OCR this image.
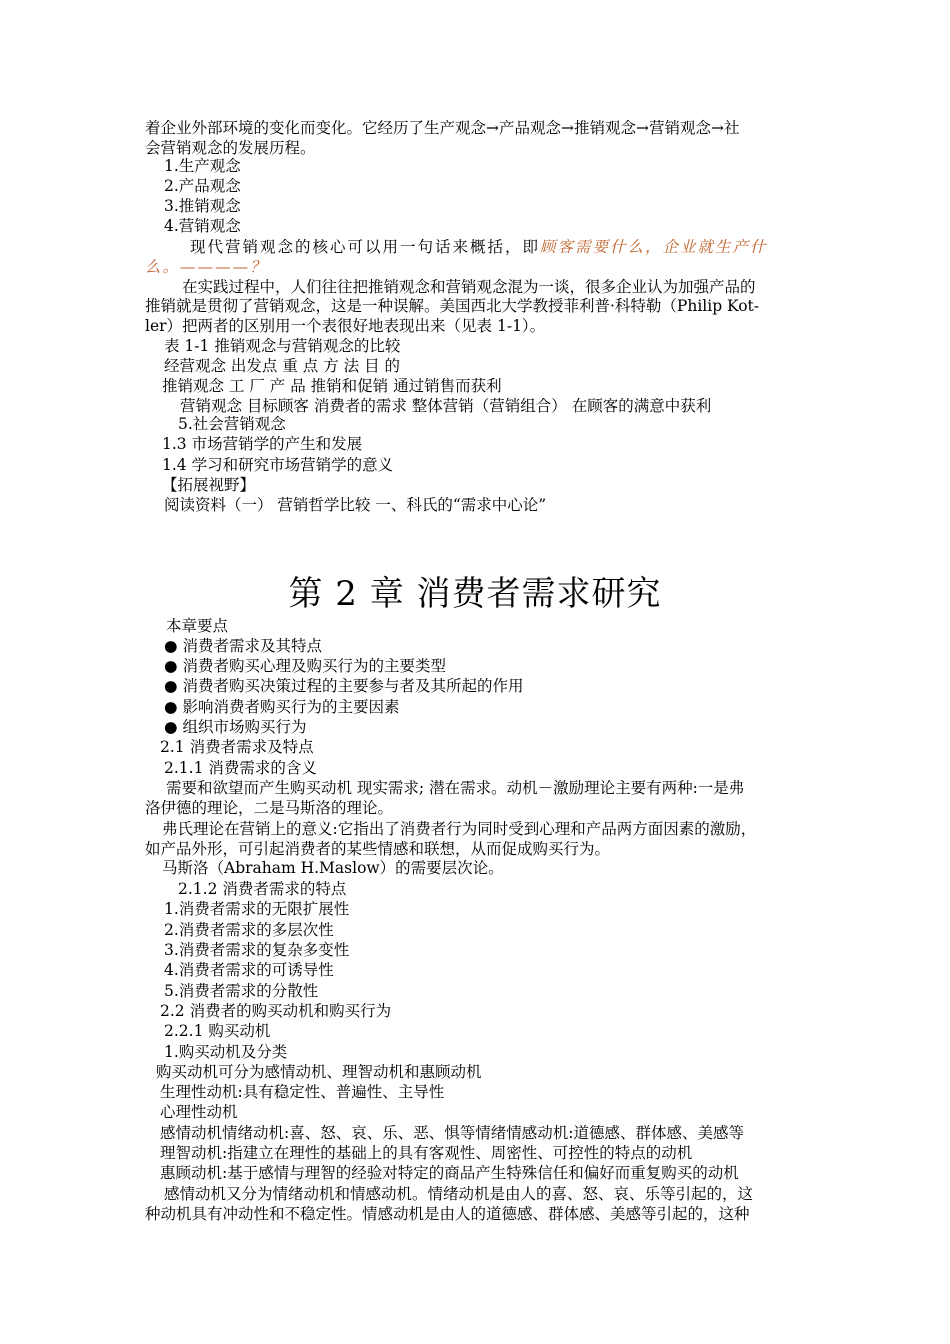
着企业外部环境的变化而变化。它经历了生产观念→产品观念→推销观念→营销观念→社
会营销观念的发展历程。
1.生产观念
2.产品观念
3.推销观念
4.营销观念
现代营销观念的核心可以用一句话来概括，即顾客需要什么，企业就生产什
么。————？
在实践过程中，人们往往把推销观念和营销观念混为一谈，很多企业认为加强产品的
推销就是贯彻了营销观念，这是一种误解。美国西北大学教授菲利普·科特勒（Philip Kot-
ler）把两者的区别用一个表很好地表现出来（见表 1-1）。
表 1-1 推销观念与营销观念的比较
经营观念 出发点 重 点 方 法 目 的
推销观念 工 厂 产 品 推销和促销 通过销售而获利
营销观念 目标顾客 消费者的需求 整体营销（营销组合） 在顾客的满意中获利
5.社会营销观念
1.3 市场营销学的产生和发展
1.4 学习和研究市场营销学的意义
【拓展视野】
阅读资料（一） 营销哲学比较 一、科氏的“需求中心论”
第 2 章 消费者需求研究
本章要点
● 消费者需求及其特点
● 消费者购买心理及购买行为的主要类型
● 消费者购买决策过程的主要参与者及其所起的作用
● 影响消费者购买行为的主要因素
● 组织市场购买行为
2.1 消费者需求及特点
2.1.1 消费需求的含义
需要和欲望而产生购买动机 现实需求; 潜在需求。动机－激励理论主要有两种:一是弗
洛伊德的理论，二是马斯洛的理论。
弗氏理论在营销上的意义:它指出了消费者行为同时受到心理和产品两方面因素的激励，
如产品外形，可引起消费者的某些情感和联想，从而促成购买行为。
马斯洛（Abraham H.Maslow）的需要层次论。
2.1.2 消费者需求的特点
1.消费者需求的无限扩展性
2.消费者需求的多层次性
3.消费者需求的复杂多变性
4.消费者需求的可诱导性
5.消费者需求的分散性
2.2 消费者的购买动机和购买行为
2.2.1 购买动机
1.购买动机及分类
购买动机可分为感情动机、理智动机和惠顾动机
生理性动机:具有稳定性、普遍性、主导性
心理性动机
感情动机情绪动机:喜、怒、哀、乐、恶、惧等情绪情感动机:道德感、群体感、美感等
理智动机:指建立在理性的基础上的具有客观性、周密性、可控性的特点的动机
惠顾动机:基于感情与理智的经验对特定的商品产生特殊信任和偏好而重复购买的动机
感情动机又分为情绪动机和情感动机。情绪动机是由人的喜、怒、哀、乐等引起的，这
种动机具有冲动性和不稳定性。情感动机是由人的道德感、群体感、美感等引起的，这种
